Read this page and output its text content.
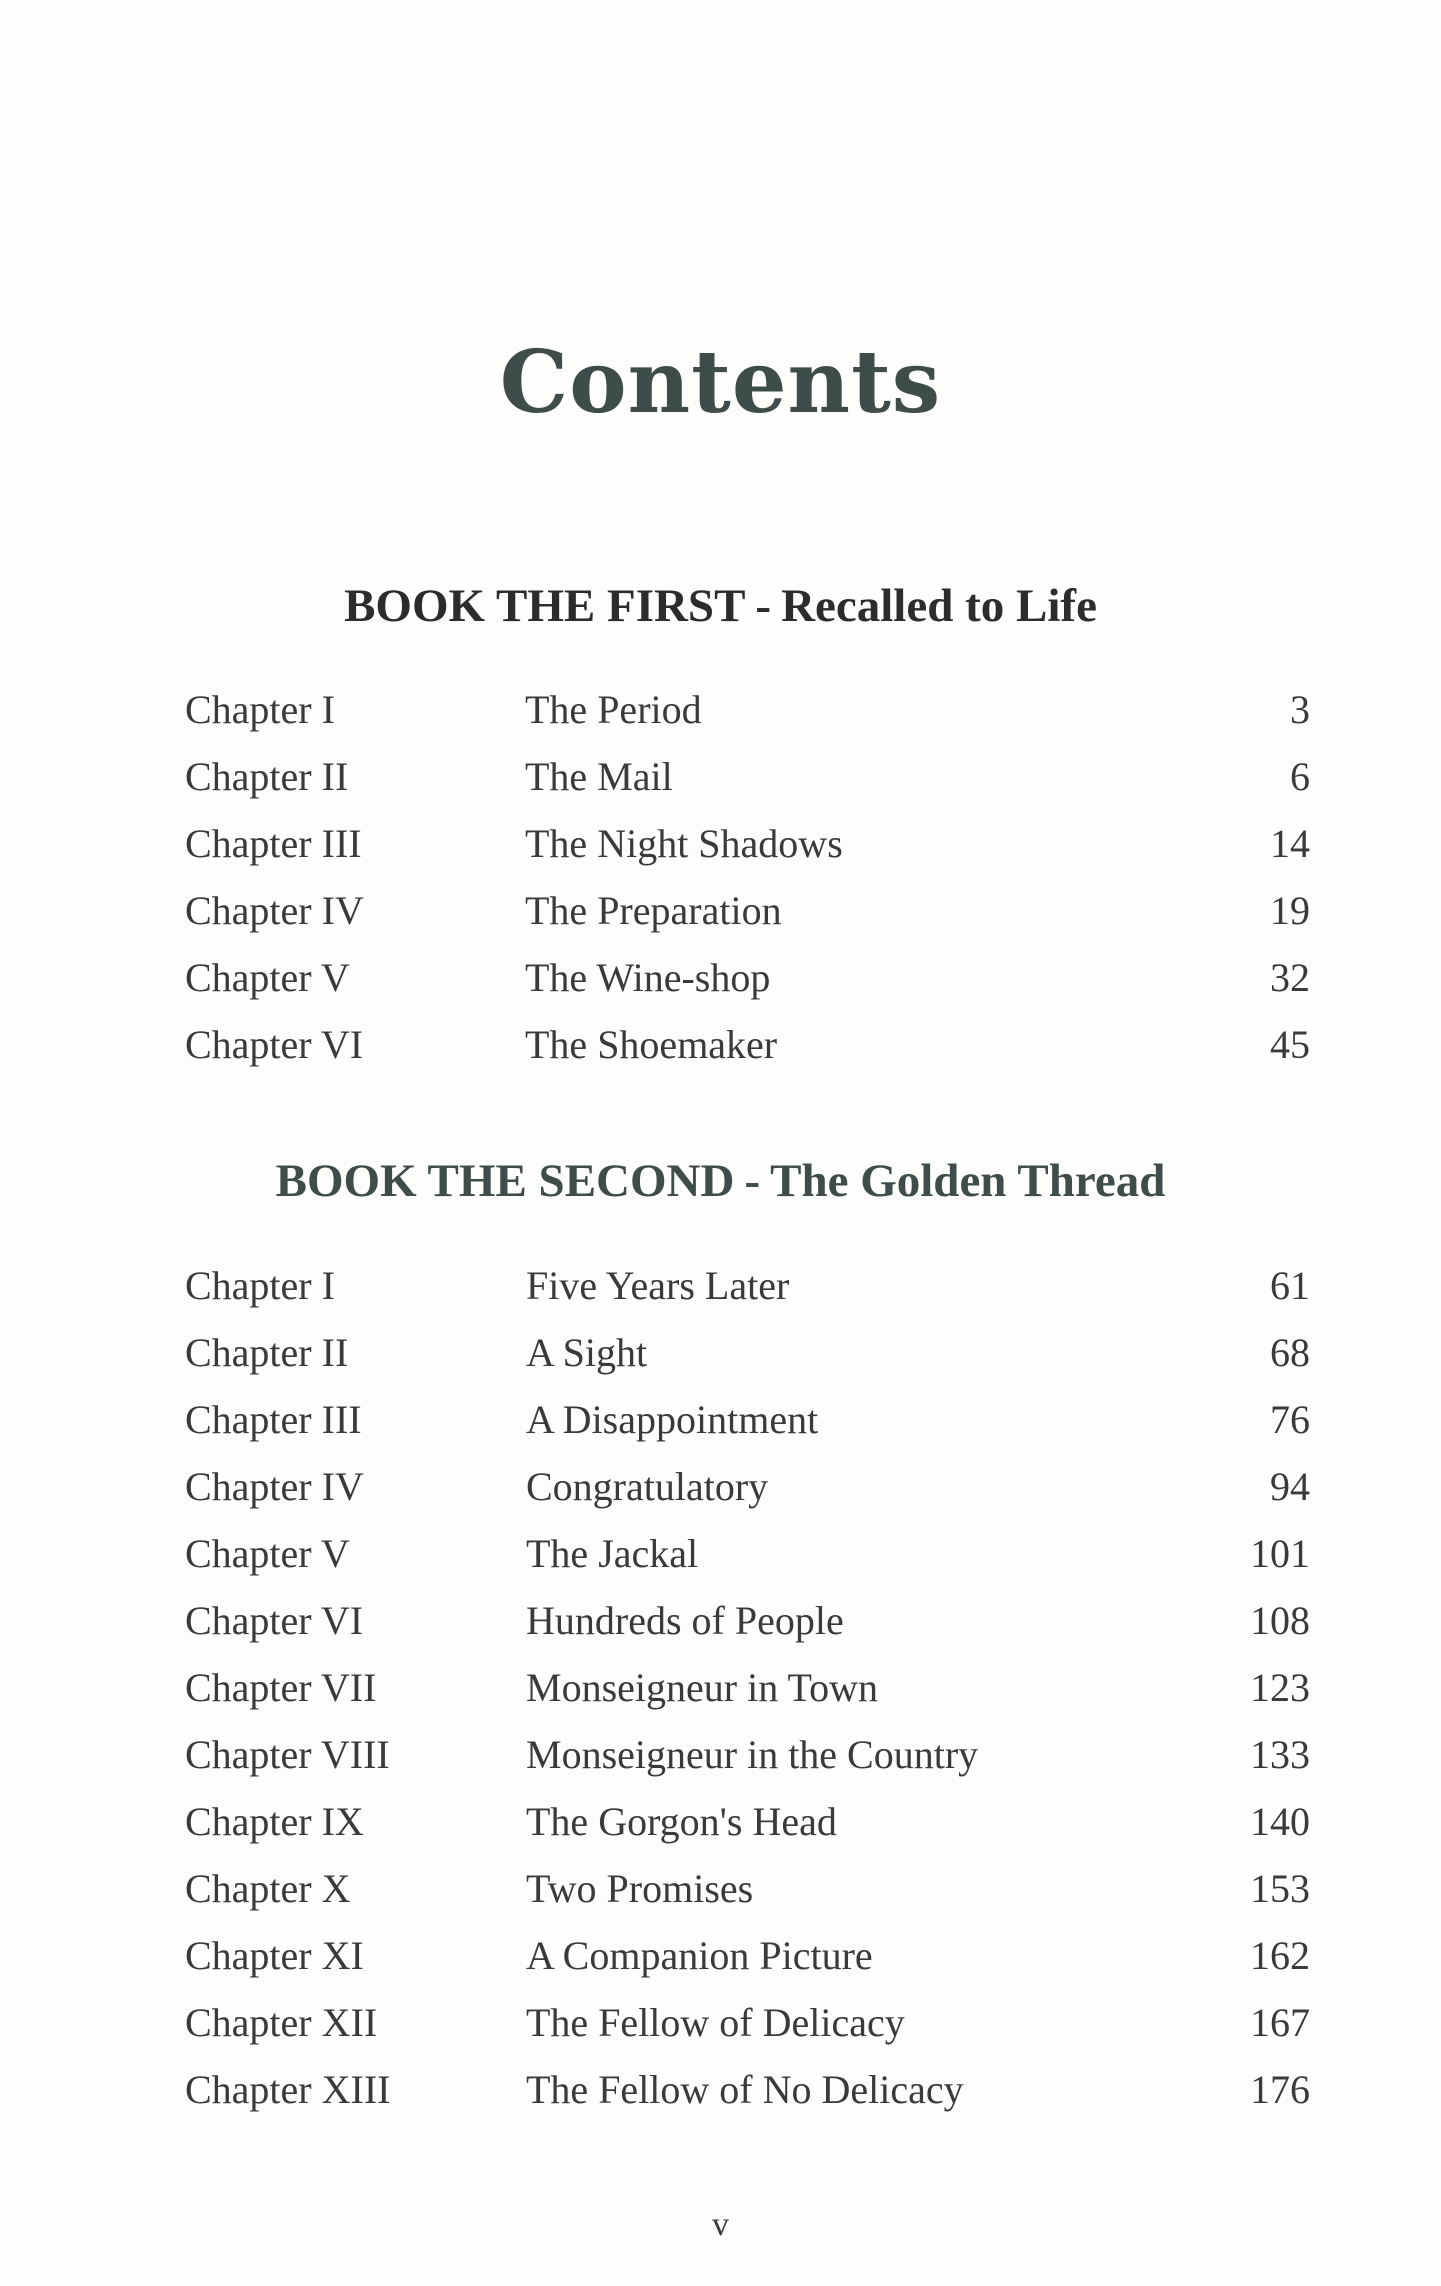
Contents
BOOK THE FIRST - Recalled to Life
Chapter I	The Period	3
Chapter II	The Mail	6
Chapter III	The Night Shadows	14
Chapter IV	The Preparation	19
Chapter V	The Wine-shop	32
Chapter VI	The Shoemaker	45
BOOK THE SECOND - The Golden Thread
Chapter I	Five Years Later	61
Chapter II	A Sight	68
Chapter III	A Disappointment	76
Chapter IV	Congratulatory	94
Chapter V	The Jackal	101
Chapter VI	Hundreds of People	108
Chapter VII	Monseigneur in Town	123
Chapter VIII	Monseigneur in the Country	133
Chapter IX	The Gorgon's Head	140
Chapter X	Two Promises	153
Chapter XI	A Companion Picture	162
Chapter XII	The Fellow of Delicacy	167
Chapter XIII	The Fellow of No Delicacy	176
v
